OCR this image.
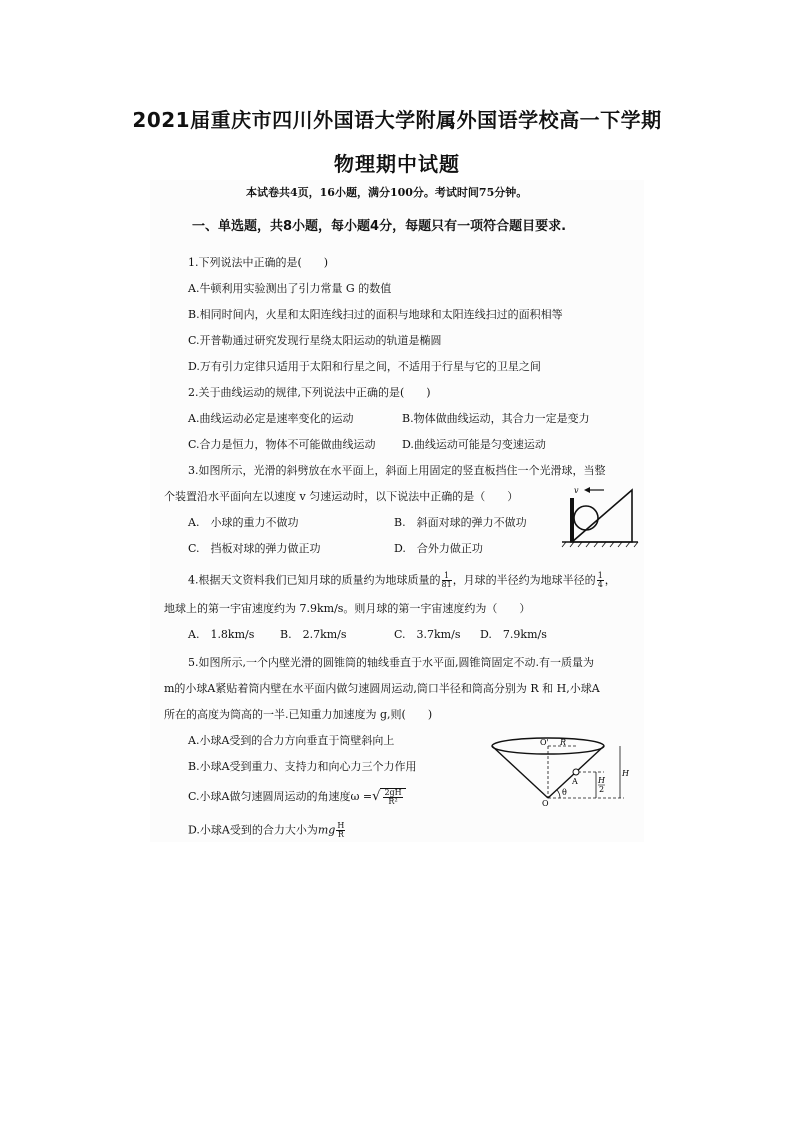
2021届重庆市四川外国语大学附属外国语学校高一下学期
物理期中试题
本试卷共4页，16小题，满分100分。考试时间75分钟。
一、单选题，共8小题，每小题4分，每题只有一项符合题目要求.
1.下列说法中正确的是(　　)
A.牛顿利用实验测出了引力常量 G 的数值
B.相同时间内，火星和太阳连线扫过的面积与地球和太阳连线扫过的面积相等
C.开普勒通过研究发现行星绕太阳运动的轨道是椭圆
D.万有引力定律只适用于太阳和行星之间，不适用于行星与它的卫星之间
2.关于曲线运动的规律,下列说法中正确的是(　　)
A.曲线运动必定是速率变化的运动	B.物体做曲线运动，其合力一定是变力
C.合力是恒力，物体不可能做曲线运动 D.曲线运动可能是匀变速运动
3.如图所示，光滑的斜劈放在水平面上，斜面上用固定的竖直板挡住一个光滑球，当整
个装置沿水平面向左以速度 v 匀速运动时，以下说法中正确的是（　　）
A.　小球的重力不做功	B.　斜面对球的弹力不做功
C.　挡板对球的弹力做正功	D.　合外力做正功
v
4.根据天文资料我们已知月球的质量约为地球质量的 $\frac{1}{81}$ ，月球的半径约为地球半径的 $\frac{1}{4}$ ，
地球上的第一宇宙速度约为 7.9km/s。则月球的第一宇宙速度约为（　　）
A.　1.8km/s B.　2.7km/s	C.　3.7km/s D.　7.9km/s
5.如图所示,一个内壁光滑的圆锥筒的轴线垂直于水平面,圆锥筒固定不动.有一质量为
m的小球A紧贴着筒内壁在水平面内做匀速圆周运动,筒口半径和筒高分别为 R 和 H,小球A
所在的高度为筒高的一半.已知重力加速度为 g,则(　　)
A.小球A受到的合力方向垂直于筒壁斜向上
B.小球A受到重力、支持力和向心力三个力作用
C.小球A做匀速圆周运动的角速度ω =√ $\frac{2gH}{\text{R²}}$
D.小球A受到的合力大小为mg $\frac{H}{R}$
O' R
O
A
H
H
2
θ
